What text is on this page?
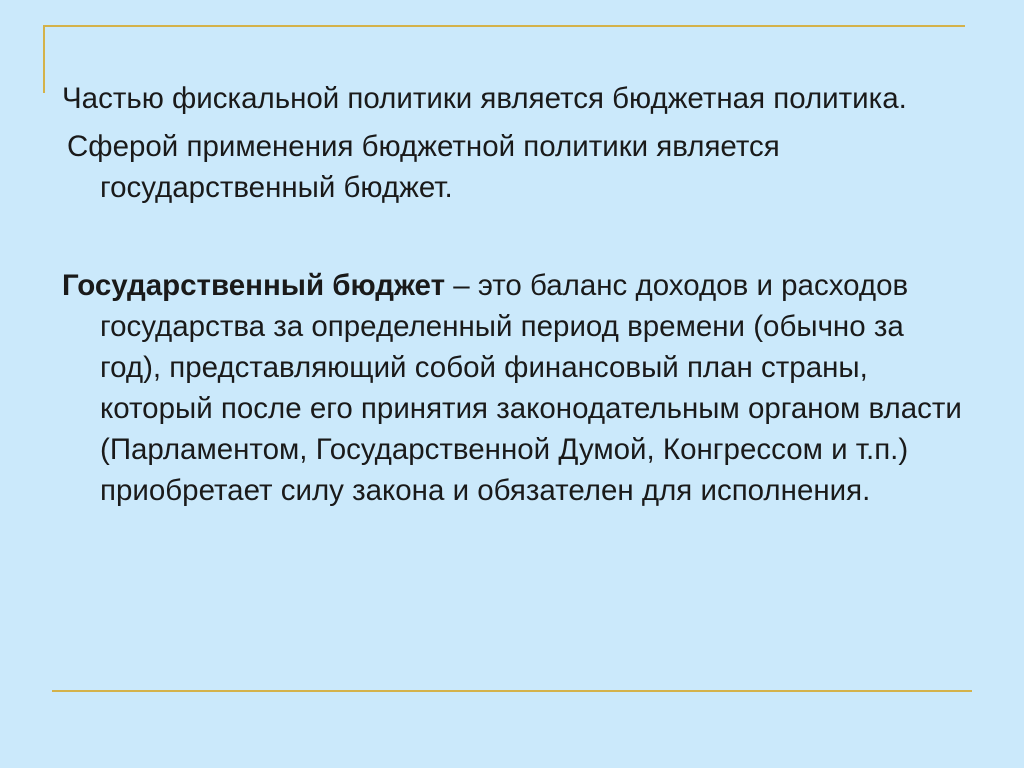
Частью фискальной политики является бюджетная политика.

Сферой применения бюджетной политики является государственный бюджет.

Государственный бюджет – это баланс доходов и расходов государства за определенный период времени (обычно за год), представляющий собой финансовый план страны, который после его принятия законодательным органом власти (Парламентом, Государственной Думой, Конгрессом и т.п.) приобретает силу закона и обязателен для исполнения.
